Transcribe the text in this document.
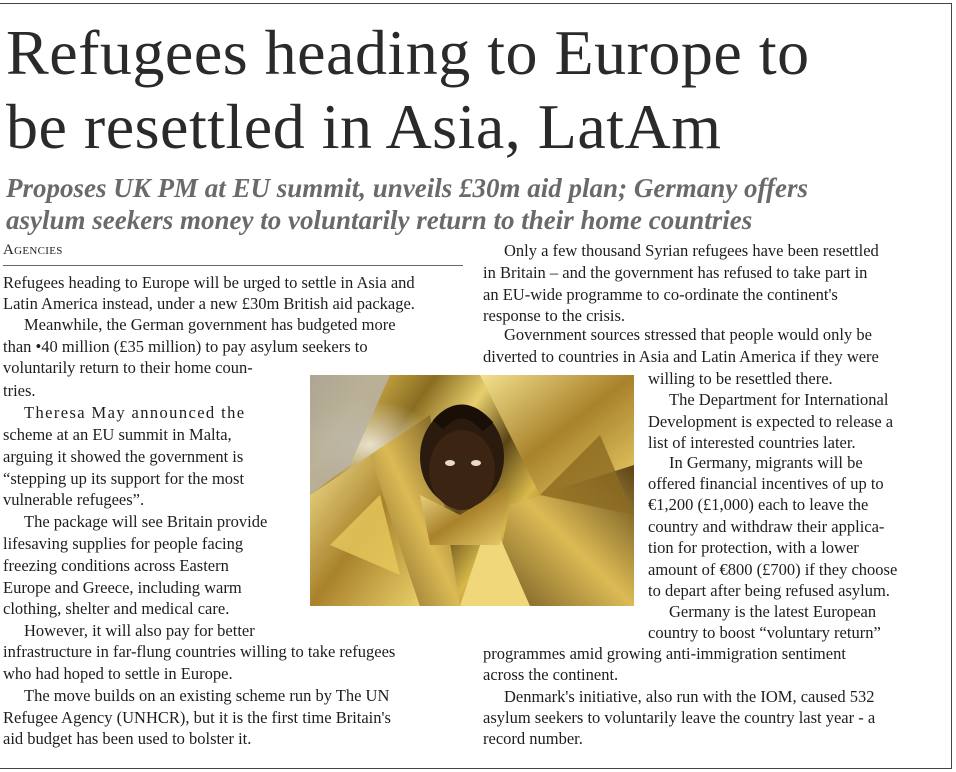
Refugees heading to Europe to
be resettled in Asia, LatAm
Proposes UK PM at EU summit, unveils £30m aid plan; Germany offers
asylum seekers money to voluntarily return to their home countries
Agencies
Refugees heading to Europe will be urged to settle in Asia and
Latin America instead, under a new £30m British aid package.
Meanwhile, the German government has budgeted more
than •40 million (£35 million) to pay asylum seekers to
voluntarily return to their home coun-
tries.
Theresa May announced the
scheme at an EU summit in Malta,
arguing it showed the government is
“stepping up its support for the most
vulnerable refugees”.
The package will see Britain provide
lifesaving supplies for people facing
freezing conditions across Eastern
Europe and Greece, including warm
clothing, shelter and medical care.
However, it will also pay for better
infrastructure in far-flung countries willing to take refugees
who had hoped to settle in Europe.
The move builds on an existing scheme run by The UN
Refugee Agency (UNHCR), but it is the first time Britain's
aid budget has been used to bolster it.
Only a few thousand Syrian refugees have been resettled
in Britain – and the government has refused to take part in
an EU-wide programme to co-ordinate the continent's
response to the crisis.
Government sources stressed that people would only be
diverted to countries in Asia and Latin America if they were
willing to be resettled there.
The Department for International
Development is expected to release a
list of interested countries later.
In Germany, migrants will be
offered financial incentives of up to
€1,200 (£1,000) each to leave the
country and withdraw their applica-
tion for protection, with a lower
amount of €800 (£700) if they choose
to depart after being refused asylum.
Germany is the latest European
country to boost “voluntary return”
programmes amid growing anti-immigration sentiment
across the continent.
Denmark's initiative, also run with the IOM, caused 532
asylum seekers to voluntarily leave the country last year - a
record number.
